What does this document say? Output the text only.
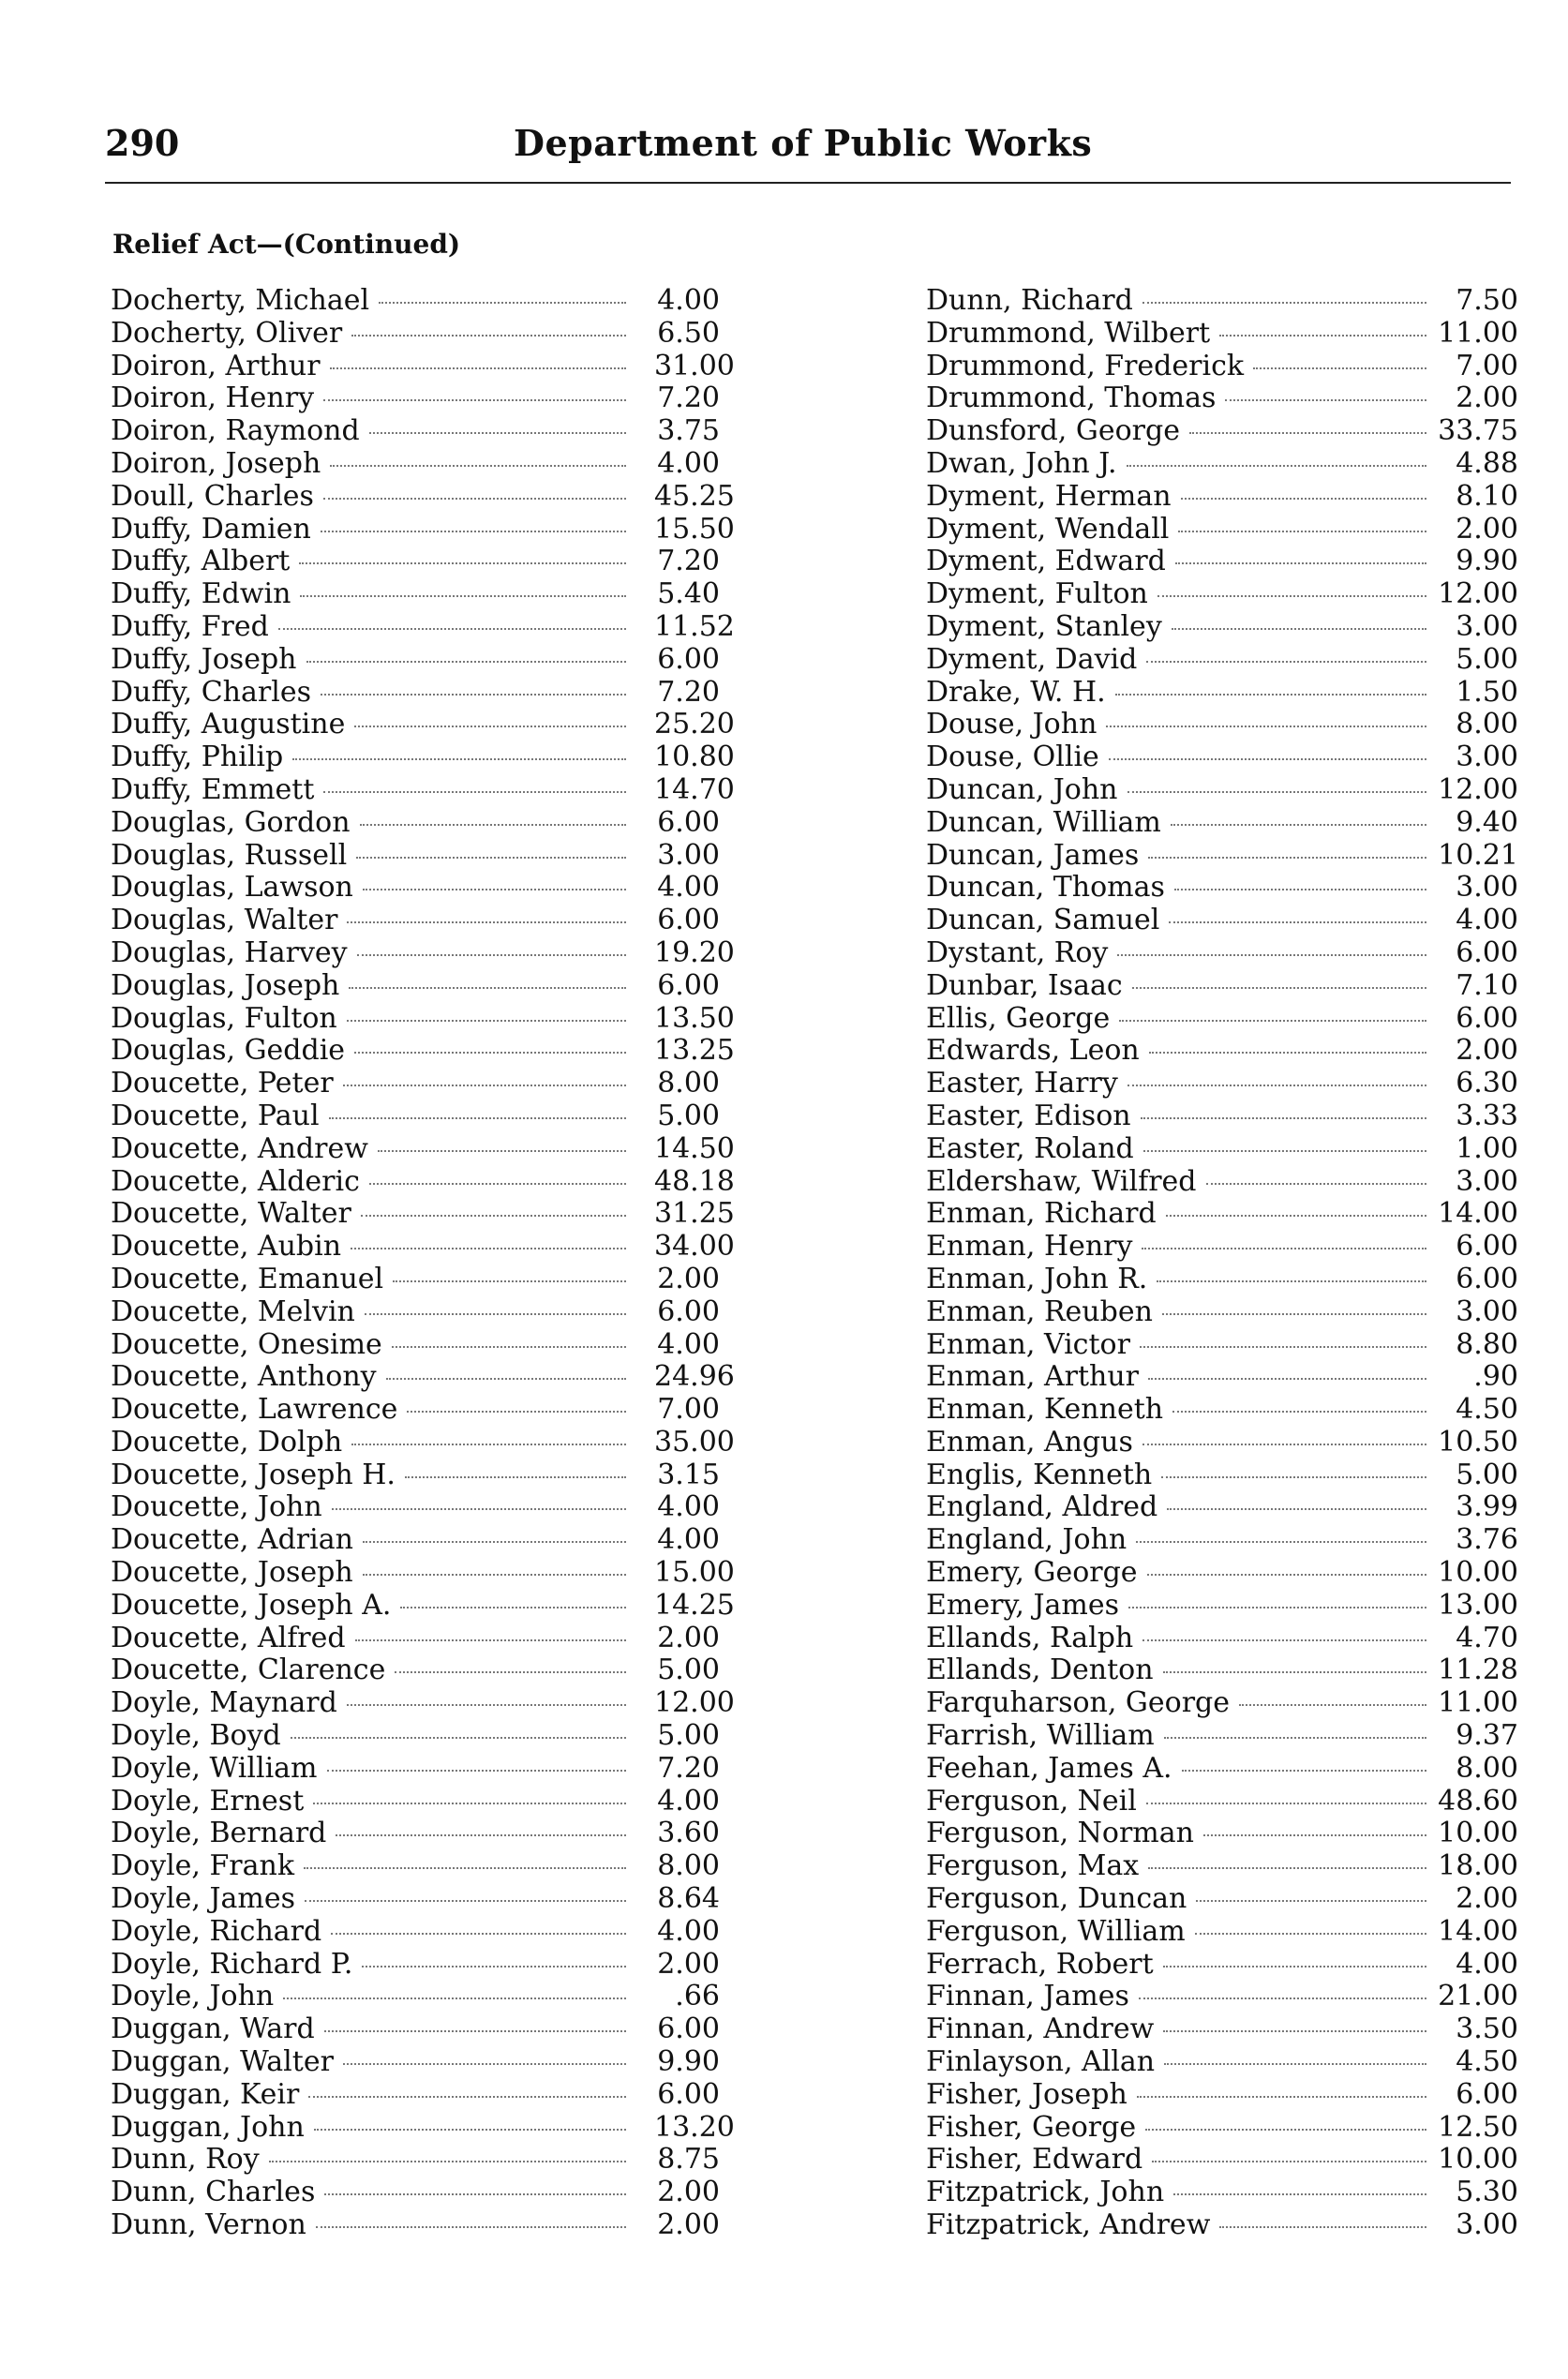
290	Department of Public Works
Relief Act—(Continued)
Docherty, Michael	4.00
Docherty, Oliver	6.50
Doiron, Arthur	31.00
Doiron, Henry	7.20
Doiron, Raymond	3.75
Doiron, Joseph	4.00
Doull, Charles	45.25
Duffy, Damien	15.50
Duffy, Albert	7.20
Duffy, Edwin	5.40
Duffy, Fred	11.52
Duffy, Joseph	6.00
Duffy, Charles	7.20
Duffy, Augustine	25.20
Duffy, Philip	10.80
Duffy, Emmett	14.70
Douglas, Gordon	6.00
Douglas, Russell	3.00
Douglas, Lawson	4.00
Douglas, Walter	6.00
Douglas, Harvey	19.20
Douglas, Joseph	6.00
Douglas, Fulton	13.50
Douglas, Geddie	13.25
Doucette, Peter	8.00
Doucette, Paul	5.00
Doucette, Andrew	14.50
Doucette, Alderic	48.18
Doucette, Walter	31.25
Doucette, Aubin	34.00
Doucette, Emanuel	2.00
Doucette, Melvin	6.00
Doucette, Onesime	4.00
Doucette, Anthony	24.96
Doucette, Lawrence	7.00
Doucette, Dolph	35.00
Doucette, Joseph H.	3.15
Doucette, John	4.00
Doucette, Adrian	4.00
Doucette, Joseph	15.00
Doucette, Joseph A.	14.25
Doucette, Alfred	2.00
Doucette, Clarence	5.00
Doyle, Maynard	12.00
Doyle, Boyd	5.00
Doyle, William	7.20
Doyle, Ernest	4.00
Doyle, Bernard	3.60
Doyle, Frank	8.00
Doyle, James	8.64
Doyle, Richard	4.00
Doyle, Richard P.	2.00
Doyle, John	.66
Duggan, Ward	6.00
Duggan, Walter	9.90
Duggan, Keir	6.00
Duggan, John	13.20
Dunn, Roy	8.75
Dunn, Charles	2.00
Dunn, Vernon	2.00
Dunn, Richard	7.50
Drummond, Wilbert	11.00
Drummond, Frederick	7.00
Drummond, Thomas	2.00
Dunsford, George	33.75
Dwan, John J.	4.88
Dyment, Herman	8.10
Dyment, Wendall	2.00
Dyment, Edward	9.90
Dyment, Fulton	12.00
Dyment, Stanley	3.00
Dyment, David	5.00
Drake, W. H.	1.50
Douse, John	8.00
Douse, Ollie	3.00
Duncan, John	12.00
Duncan, William	9.40
Duncan, James	10.21
Duncan, Thomas	3.00
Duncan, Samuel	4.00
Dystant, Roy	6.00
Dunbar, Isaac	7.10
Ellis, George	6.00
Edwards, Leon	2.00
Easter, Harry	6.30
Easter, Edison	3.33
Easter, Roland	1.00
Eldershaw, Wilfred	3.00
Enman, Richard	14.00
Enman, Henry	6.00
Enman, John R.	6.00
Enman, Reuben	3.00
Enman, Victor	8.80
Enman, Arthur	.90
Enman, Kenneth	4.50
Enman, Angus	10.50
Englis, Kenneth	5.00
England, Aldred	3.99
England, John	3.76
Emery, George	10.00
Emery, James	13.00
Ellands, Ralph	4.70
Ellands, Denton	11.28
Farquharson, George	11.00
Farrish, William	9.37
Feehan, James A.	8.00
Ferguson, Neil	48.60
Ferguson, Norman	10.00
Ferguson, Max	18.00
Ferguson, Duncan	2.00
Ferguson, William	14.00
Ferrach, Robert	4.00
Finnan, James	21.00
Finnan, Andrew	3.50
Finlayson, Allan	4.50
Fisher, Joseph	6.00
Fisher, George	12.50
Fisher, Edward	10.00
Fitzpatrick, John	5.30
Fitzpatrick, Andrew	3.00
